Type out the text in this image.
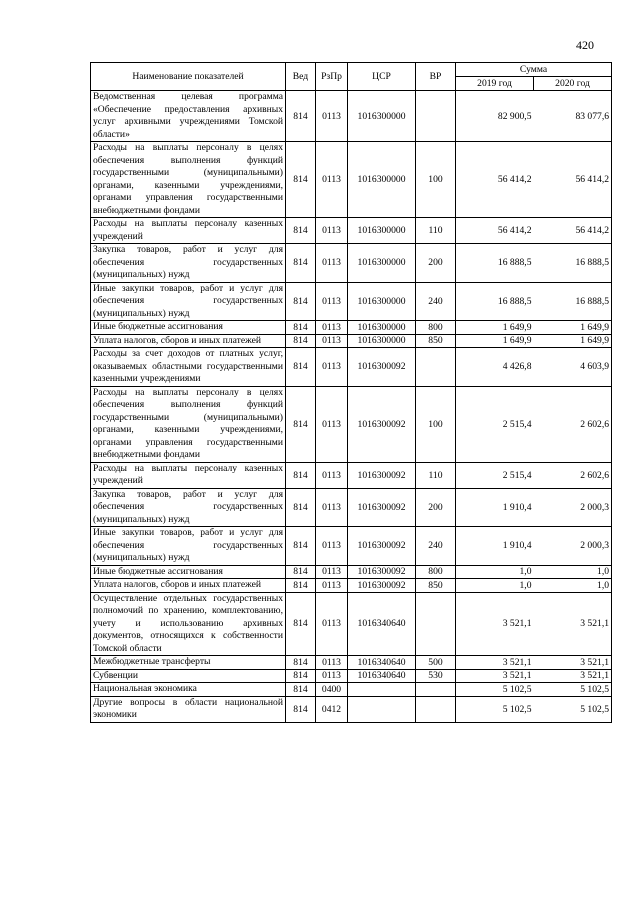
420
Наименование показателей	Вед	РзПр	ЦСР	ВР	Сумма	
					2019 год	2020 год
Ведомственная целевая программа «Обеспечение предоставления архивных услуг архивными учреждениями Томской области»	814	0113	1016300000		82 900,5	83 077,6
Расходы на выплаты персоналу в целях обеспечения выполнения функций государственными (муниципальными) органами, казенными учреждениями, органами управления государственными внебюджетными фондами	814	0113	1016300000	100	56 414,2	56 414,2
Расходы на выплаты персоналу казенных учреждений	814	0113	1016300000	110	56 414,2	56 414,2
Закупка товаров, работ и услуг для обеспечения государственных (муниципальных) нужд	814	0113	1016300000	200	16 888,5	16 888,5
Иные закупки товаров, работ и услуг для обеспечения государственных (муниципальных) нужд	814	0113	1016300000	240	16 888,5	16 888,5
Иные бюджетные ассигнования	814	0113	1016300000	800	1 649,9	1 649,9
Уплата налогов, сборов и иных платежей	814	0113	1016300000	850	1 649,9	1 649,9
Расходы за счет доходов от платных услуг, оказываемых областными государственными казенными учреждениями	814	0113	1016300092		4 426,8	4 603,9
Расходы на выплаты персоналу в целях обеспечения выполнения функций государственными (муниципальными) органами, казенными учреждениями, органами управления государственными внебюджетными фондами	814	0113	1016300092	100	2 515,4	2 602,6
Расходы на выплаты персоналу казенных учреждений	814	0113	1016300092	110	2 515,4	2 602,6
Закупка товаров, работ и услуг для обеспечения государственных (муниципальных) нужд	814	0113	1016300092	200	1 910,4	2 000,3
Иные закупки товаров, работ и услуг для обеспечения государственных (муниципальных) нужд	814	0113	1016300092	240	1 910,4	2 000,3
Иные бюджетные ассигнования	814	0113	1016300092	800	1,0	1,0
Уплата налогов, сборов и иных платежей	814	0113	1016300092	850	1,0	1,0
Осуществление отдельных государственных полномочий по хранению, комплектованию, учету и использованию архивных документов, относящихся к собственности Томской области	814	0113	1016340640		3 521,1	3 521,1
Межбюджетные трансферты	814	0113	1016340640	500	3 521,1	3 521,1
Субвенции	814	0113	1016340640	530	3 521,1	3 521,1
Национальная экономика	814	0400			5 102,5	5 102,5
Другие вопросы в области национальной экономики	814	0412			5 102,5	5 102,5
